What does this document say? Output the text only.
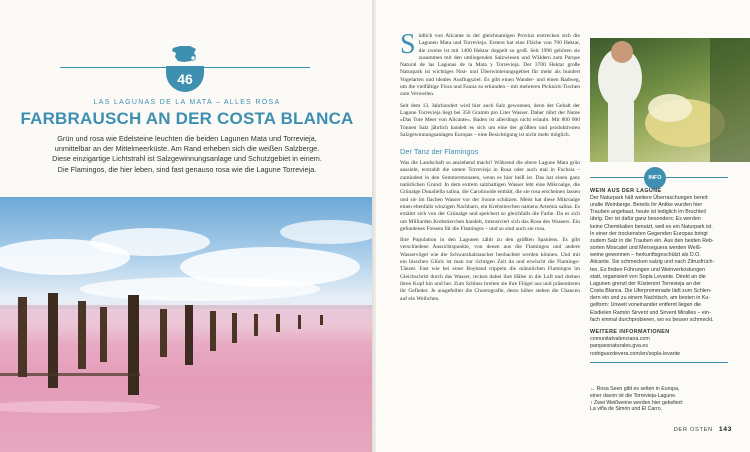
46
LAS LAGUNAS DE LA MATA – ALLES ROSA
FARBRAUSCH AN DER COSTA BLANCA
Grün und rosa wie Edelsteine leuchten die beiden Lagunen Mata und Torrevieja,
unmittelbar an der Mittelmeerküste. Am Rand erheben sich die weißen Salzberge.
Diese einzigartige Lichtstrahl ist Salzgewinnungsanlage und Schutzgebiet in einem.
Die Flamingos, die hier leben, sind fast genauso rosa wie die Lagune Torrevieja.

Südlich von Alicante in der gleichnamigen Provinz erstrecken sich die Lagunen Mata und Torrevieja. Erstere hat eine Fläche von 700 Hektar, die zweite ist mit 1400 Hektar doppelt so groß. Seit 1996 gehören sie zusammen mit den umliegenden Salzwiesen und Wäldern zum Parque Natural de las Lagunas de la Mata y Torrevieja. Der 3700 Hektar große Naturpark ist wichtiges Nist- und Überwinterungsgebiet für mehr als hundert Vogelarten und ideales Ausflugsziel. Es gibt einen Wander- und einen Radweg, um die vielfältige Flora und Fauna zu erkunden – mit mehreren Picknick-Tischen zum Verweilen.

Seit dem 13. Jahrhundert wird hier auch Salz gewonnen, denn der Gehalt der Lagune Torrevieja liegt bei 350 Gramm pro Liter Wasser. Daher rührt der Name »Das Tote Meer von Alicante«. Baden ist allerdings nicht erlaubt. Mit 800 000 Tonnen Salz jährlich handelt es sich um eine der größten und produktivsten Salzgewinnungsanlagen Europas – eine Besichtigung ist nicht mehr möglich.

Der Tanz der Flamingos

Was die Landschaft so anziehend macht? Während die obere Lagune Mata grün aussieht, erstrahlt die untere Torrevieja in Rosa oder auch mal in Fuchsia – zumindest in den Sommermonaten, wenn es hier heiß ist. Das hat einen ganz natürlichen Grund: In dem extrem salzhaltigen Wasser lebt eine Mikroalge, die Grünalge Dunaliella salina, die Carotinoide enthält, die sie rosa erscheinen lassen und sie im flachen Wasser vor der Sonne schützen. Meist hat diese Mikroalge einen ebenfalls winzigen Nachbarn, ein Krebstierchen namens Artemia salina. Es ernährt sich von der Grünalge und speichert so gleichfalls die Farbe. Da es sich um Milliarden Krebstierchen handelt, intensiviert sich das Rosa des Wassers. Ein gefundenes Fressen für die Flamingos – und so sind auch sie rosa.

Ihre Population in den Lagunen zählt zu den größten Spaniens. Es gibt verschiedene Aussichtspunkte, von denen aus die Flamingos und andere Wasservögel wie die Schwarzhalstaucher beobachtet werden können. Und mit ein bisschen Glück ist man zur richtigen Zeit da und erwischt die Flamingo-Tänzer. Fast wie bei einer Boyband trippeln die männlichen Flamingos im Gleichschritt durch das Wasser, recken dabei ihre Hälse in die Luft und drehen ihren Kopf hin und her. Zum Schluss breiten sie ihre Flügel aus und präsentieren ihr Gefieder. Je ausgefeilter die Choreografie, desto höher stehen die Chancen auf ein Weibchen.

INFO
WEIN AUS DER LAGUNE

Der Naturpark hält weitere Überraschungen bereit:

uralte Weinberge. Bereits ihr Antike wurden hier

Trauben angebaut, heute ist lediglich im Bruchteil

übrig. Der ist dafür ganz besonders: Es werden

keine Chemikalien benutzt, weil es ein Naturpark ist.

In einer der trockensten Gegenden Europas bringt

zudem Salz in die Trauben ein. Aus den beiden Reb-

sorten Moscatel und Merseguera werden Weiß-

weine gewonnen – herkunftsgeschützt als D.O.

Alicante. Sie schmecken salzig und nach Zitrusfrüch-

ten. Es finden Führungen und Weinverkostungen

statt, organisiert von Sopla Levante. Direkt an die

Lagunen grenzt der Küstenort Torrevieja an der

Costa Blanca. Die Uferpromenade lädt zum Schlen-

dern ein und zu einem Nachtisch, am besten in Ku-

gelform: Unweit voneinander entfernt liegen die

Eisdielen Ramón Sirvent und Sirvent Miralles – ein-

fach einmal durchprobieren, wo es besser schmeckt.

WEITERE INFORMATIONEN

comunitatvalenciana.com

parquesnaturales.gva.es

rodriguezdevera.com/en/sopla-levante

← Rosa Seen gibt es selten in Europa,
einer davon ist die Torrevieja-Lagune.
↑ Zwei Weißweine werden hier gekeltert:
La viña de Simón und El Carro.
DER OSTEN 143
